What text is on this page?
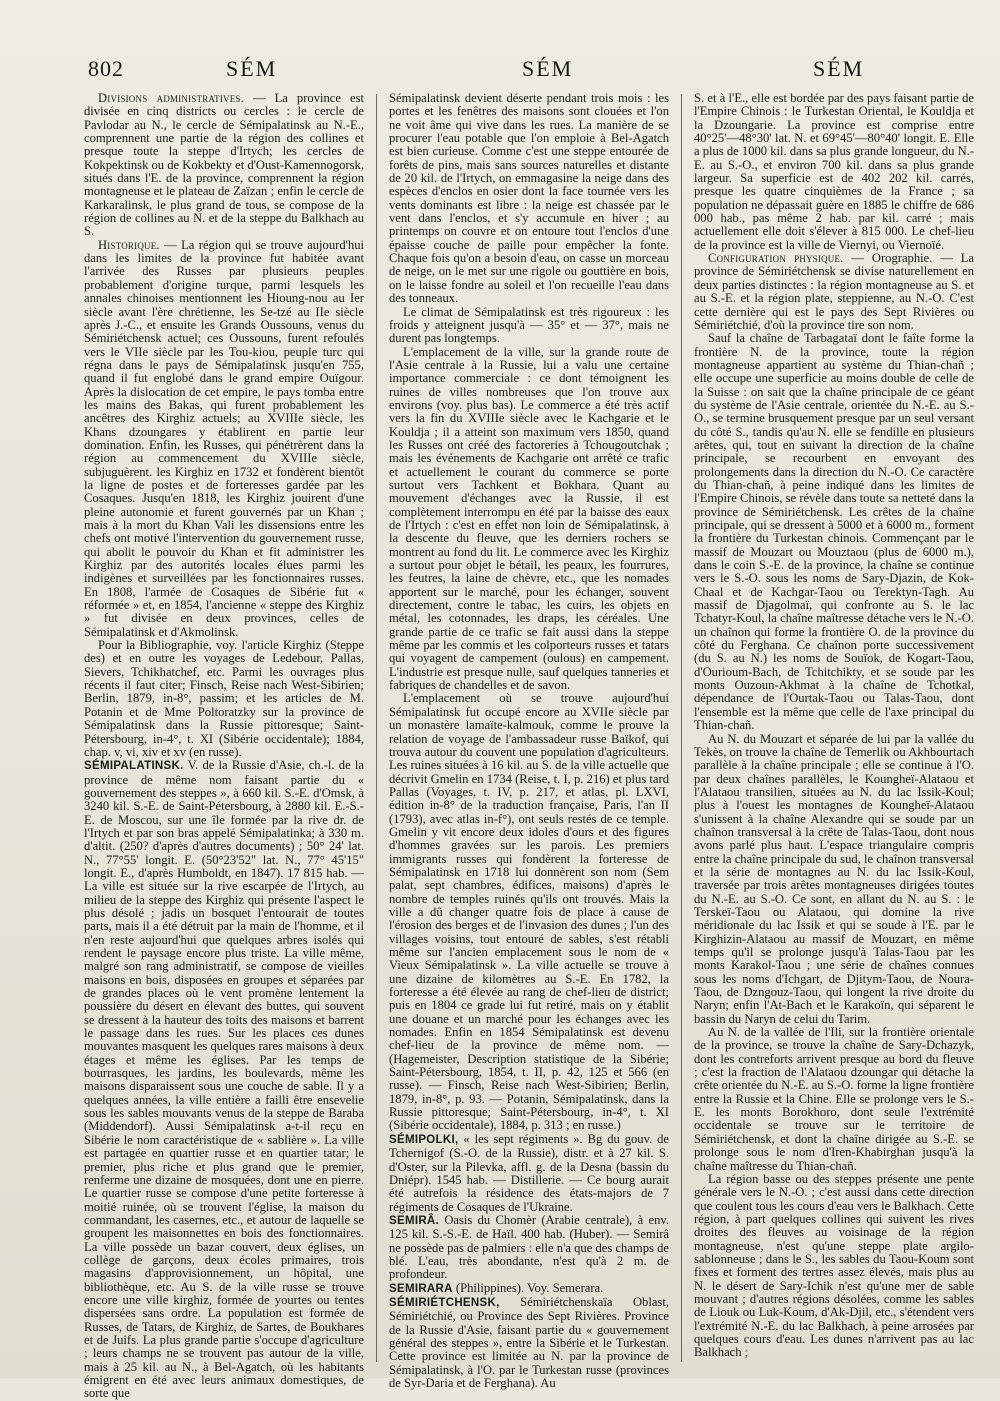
802	SÉM	SÉM	SÉM

Divisions administratives. — La province est divisée en cinq districts ou cercles : le cercle de Pavlodar au N., le cercle de Sémipalatinsk au N.-E., comprennent une partie de la région des collines et presque toute la steppe d'Irtych; les cercles de Kokpektinsk ou de Kokbekty et d'Oust-Kamennogorsk, situés dans l'E. de la province, comprennent la région montagneuse et le plateau de Zaïzan ; enfin le cercle de Karkaralinsk, le plus grand de tous, se compose de la région de collines au N. et de la steppe du Balkhach au S.

Historique. — La région qui se trouve aujourd'hui dans les limites de la province fut habitée avant l'arrivée des Russes par plusieurs peuples probablement d'origine turque, parmi lesquels les annales chinoises mentionnent les Hioung-nou au Ier siècle avant l'ère chrétienne, les Se-tzé au IIe siècle après J.-C., et ensuite les Grands Oussouns, venus du Sémiriétchensk actuel; ces Oussouns, furent refoulés vers le VIIe siècle par les Tou-kiou, peuple turc qui régna dans le pays de Sémipalatinsk jusqu'en 755, quand il fut englobé dans le grand empire Ouïgour. Après la dislocation de cet empire, le pays tomba entre les mains des Bakas, qui furent probablement les ancêtres des Kirghiz actuels; au XVIIIe siècle, les Khans dzoungares y établirent en partie leur domination. Enfin, les Russes, qui pénétrèrent dans la région au commencement du XVIIIe siècle, subjuguèrent. les Kirghiz en 1732 et fondèrent bientôt la ligne de postes et de forteresses gardée par les Cosaques. Jusqu'en 1818, les Kirghiz jouirent d'une pleine autonomie et furent gouvernés par un Khan ; mais à la mort du Khan Vali les dissensions entre les chefs ont motivé l'intervention du gouvernement russe, qui abolit le pouvoir du Khan et fit administrer les Kirghiz par des autorités locales élues parmi les indigènes et surveillées par les fonctionnaires russes. En 1808, l'armée de Cosaques de Sibérie fut « réformée » et, en 1854, l'ancienne « steppe des Kirghiz » fut divisée en deux provinces, celles de Sémipalatinsk et d'Akmolinsk.

Pour la Bibliographie, voy. l'article Kirghiz (Steppe des) et en outre les voyages de Ledebour, Pallas, Sievers, Tchikhatchef, etc. Parmi les ouvrages plus récents il faut citer; Finsch, Reise nach West-Sibirien; Berlin, 1879, in-8°, passim; et les articles de M. Potanin et de Mme Poltoratzky sur la province de Sémipalatinsk dans la Russie pittoresque; Saint-Pétersbourg, in-4°, t. XI (Sibérie occidentale); 1884, chap. v, vi, xiv et xv (en russe).

SÉMIPALATINSK. V. de la Russie d'Asie, ch.-l. de la province de même nom faisant partie du « gouvernement des steppes », à 660 kil. S.-E. d'Omsk, à 3240 kil. S.-E. de Saint-Pétersbourg, à 2880 kil. E.-S.-E. de Moscou, sur une île formée par la rive dr. de l'Irtych et par son bras appelé Sémipalatinka; à 330 m. d'altit. (250? d'après d'autres documents) ; 50° 24' lat. N., 77°55' longit. E. (50°23'52" lat. N., 77° 45'15" longit. E., d'après Humboldt, en 1847). 17 815 hab. — La ville est située sur la rive escarpée de l'Irtych, au milieu de la steppe des Kirghiz qui présente l'aspect le plus désolé ; jadis un bosquet l'entourait de toutes parts, mais il a été détruit par la main de l'homme, et il n'en reste aujourd'hui que quelques arbres isolés qui rendent le paysage encore plus triste. La ville même, malgré son rang administratif, se compose de vieilles maisons en bois, disposées en groupes et séparées par de grandes places où le vent promène lentement la poussière du désert en élevant des buttes, qui souvent se dressent à la hauteur des toits des maisons et barrent le passage dans les rues. Sur les places ces dunes mouvantes masquent les quelques rares maisons à deux étages et même les églises. Par les temps de bourrasques, les jardins, les boulevards, même les maisons disparaissent sous une couche de sable. Il y a quelques années, la ville entière a failli être ensevelie sous les sables mouvants venus de la steppe de Baraba (Middendorf). Aussi Sémipalatinsk a-t-il reçu en Sibérie le nom caractéristique de « sablière ». La ville est partagée en quartier russe et en quartier tatar; le premier, plus riche et plus grand que le premier, renferme une dizaine de mosquées, dont une en pierre. Le quartier russe se compose d'une petite forteresse à moitié ruinée, où se trouvent l'église, la maison du commandant, les casernes, etc., et autour de laquelle se groupent les maisonnettes en bois des fonctionnaires. La ville possède un bazar couvert, deux églises, un collège de garçons, deux écoles primaires, trois magasins d'approvisionnement, un hôpital, une bibliothèque, etc. Au S. de la ville russe se trouve encore une ville kirghiz, formée de yourtes ou tentes dispersées sans ordre. La population est formée de Russes, de Tatars, de Kirghiz, de Sartes, de Boukhares et de Juifs. La plus grande partie s'occupe d'agriculture ; leurs champs ne se trouvent pas autour de la ville, mais à 25 kil. au N., à Bel-Agatch, où les habitants émigrent en été avec leurs animaux domestiques, de sorte que

Sémipalatinsk devient déserte pendant trois mois : les portes et les fenêtres des maisons sont clouées et l'on ne voit âme qui vive dans les rues. La manière de se procurer l'eau potable que l'on emploie à Bel-Agatch est bien curieuse. Comme c'est une steppe entourée de forêts de pins, mais sans sources naturelles et distante de 20 kil. de l'Irtych, on emmagasine la neige dans des espèces d'enclos en osier dont la face tournée vers les vents dominants est libre : la neige est chassée par le vent dans l'enclos, et s'y accumule en hiver ; au printemps on couvre et on entoure tout l'enclos d'une épaisse couche de paille pour empêcher la fonte. Chaque fois qu'on a besoin d'eau, on casse un morceau de neige, on le met sur une rigole ou gouttière en bois, on le laisse fondre au soleil et l'on recueille l'eau dans des tonneaux.

Le climat de Sémipalatinsk est très rigoureux : les froids y atteignent jusqu'à — 35° et — 37°, mais ne durent pas longtemps.

L'emplacement de la ville, sur la grande route de l'Asie centrale à la Russie, lui a valu une certaine importance commerciale : ce dont témoignent les ruines de villes nombreuses que l'on trouve aux environs (voy. plus bas). Le commerce a été très actif vers la fin du XVIIIe siècle avec le Kachgarie et le Kouldja ; il a atteint son maximum vers 1850, quand les Russes ont créé des factoreries à Tchougoutchak ; mais les événements de Kachgarie ont arrêté ce trafic et actuellement le courant du commerce se porte surtout vers Tachkent et Bokhara. Quant au mouvement d'échanges avec la Russie, il est complètement interrompu en été par la baisse des eaux de l'Irtych : c'est en effet non loin de Sémipalatinsk, à la descente du fleuve, que les derniers rochers se montrent au fond du lit. Le commerce avec les Kirghiz a surtout pour objet le bétail, les peaux, les fourrures, les feutres, la laine de chèvre, etc., que les nomades apportent sur le marché, pour les échanger, souvent directement, contre le tabac, les cuirs, les objets en métal, les cotonnades, les draps, les céréales. Une grande partie de ce trafic se fait aussi dans la steppe même par les commis et les colporteurs russes et tatars qui voyagent de campement (oulous) en campement. L'industrie est presque nulle, sauf quelques tanneries et fabriques de chandelles et de savon.

L'emplacement où se trouve aujourd'hui Sémipalatinsk fut occupé encore au XVIIe siècle par un monastère lamaïte-kalmouk, comme le prouve la relation de voyage de l'ambassadeur russe Baïkof, qui trouva autour du couvent une population d'agriculteurs. Les ruines situées à 16 kil. au S. de la ville actuelle que décrivit Gmelin en 1734 (Reise, t. I, p. 216) et plus tard Pallas (Voyages, t. IV, p. 217, et atlas, pl. LXVI, édition in-8° de la traduction française, Paris, l'an II (1793), avec atlas in-f°), ont seuls restés de ce temple. Gmelin y vit encore deux idoles d'ours et des figures d'hommes gravées sur les parois. Les premiers immigrants russes qui fondèrent la forteresse de Sémipalatinsk en 1718 lui donnèrent son nom (Sem palat, sept chambres, édifices, maisons) d'après le nombre de temples ruinés qu'ils ont trouvés. Mais la ville a dû changer quatre fois de place à cause de l'érosion des berges et de l'invasion des dunes ; l'un des villages voisins, tout entouré de sables, s'est rétabli même sur l'ancien emplacement sous le nom de « Vieux Sémipalatinsk ». La ville actuelle se trouve à une dizaine de kilomètres au S.-E. En 1782, la forteresse a été élevée au rang de chef-lieu de district; puis en 1804 ce grade lui fut retiré, mais on y établit une douane et un marché pour les échanges avec les nomades. Enfin en 1854 Sémipalatinsk est devenu chef-lieu de la province de même nom. — (Hagemeister, Description statistique de la Sibérie; Saint-Pétersbourg, 1854, t. II, p. 42, 125 et 566 (en russe). — Finsch, Reise nach West-Sibirien; Berlin, 1879, in-8°, p. 93. — Potanin, Sémipalatinsk, dans la Russie pittoresque; Saint-Pétersbourg, in-4°, t. XI (Sibérie occidentale), 1884, p. 313 ; en russe.)

SÉMIPOLKI, « les sept régiments ». Bg du gouv. de Tchernigof (S.-O. de la Russie), distr. et à 27 kil. S. d'Oster, sur la Pilevka, affl. g. de la Desna (bassin du Dniépr). 1545 hab. — Distillerie. — Ce bourg aurait été autrefois la résidence des états-majors de 7 régiments de Cosaques de l'Ukraine.

SEMIRÂ. Oasis du Chomèr (Arabie centrale), à env. 125 kil. S.-S.-E. de Haïl. 400 hab. (Huber). — Semirâ ne possède pas de palmiers : elle n'a que des champs de blé. L'eau, très abondante, n'est qu'à 2 m. de profondeur.

SEMIRARA (Philippines). Voy. Semerara.

SÉMIRIÉTCHENSK, Sémiriétchenskaïa Oblast, Sémiriétchié, ou Province des Sept Rivières. Province de la Russie d'Asie, faisant partie du « gouvernement général des steppes », entre la Sibérie et le Turkestan. Cette province est limitée au N. par la province de Sémipalatinsk, à l'O. par le Turkestan russe (provinces de Syr-Daria et de Ferghana). Au

S. et à l'E., elle est bordée par des pays faisant partie de l'Empire Chinois : le Turkestan Oriental, le Kouldja et la Dzoungarie. La province est comprise entre 40°25'—48°30' lat. N. et 69°45'—80°40' longit. E. Elle a plus de 1000 kil. dans sa plus grande longueur, du N.-E. au S.-O., et environ 700 kil. dans sa plus grande largeur. Sa superficie est de 402 202 kil. carrés, presque les quatre cinquièmes de la France ; sa population ne dépassait guère en 1885 le chiffre de 686 000 hab., pas même 2 hab. par kil. carré ; mais actuellement elle doit s'élever à 815 000. Le chef-lieu de la province est la ville de Viernyi, ou Viernoïé.

Configuration physique. — Orographie. — La province de Sémiriétchensk se divise naturellement en deux parties distinctes : la région montagneuse au S. et au S.-E. et la région plate, steppienne, au N.-O. C'est cette dernière qui est le pays des Sept Rivières ou Sémiriétchié, d'où la province tire son nom.

Sauf la chaîne de Tarbagataï dont le faîte forme la frontière N. de la province, toute la région montagneuse appartient au système du Thian-chañ ; elle occupe une superficie au moins double de celle de la Suisse : on sait que la chaîne principale de ce géant du système de l'Asie centrale, orientée du N.-E. au S.-O., se termine brusquement presque par un seul versant du côté S., tandis qu'au N. elle se fendille en plusieurs arêtes, qui, tout en suivant la direction de la chaîne principale, se recourbent en envoyant des prolongements dans la direction du N.-O. Ce caractère du Thian-chañ, à peine indiqué dans les limites de l'Empire Chinois, se révèle dans toute sa netteté dans la province de Sémiriétchensk. Les crêtes de la chaîne principale, qui se dressent à 5000 et à 6000 m., forment la frontière du Turkestan chinois. Commençant par le massif de Mouzart ou Mouztaou (plus de 6000 m.), dans le coin S.-E. de la province, la chaîne se continue vers le S.-O. sous les noms de Sary-Djazin, de Kok-Chaal et de Kachgar-Taou ou Terektyn-Tagh. Au massif de Djagolmaï, qui confronte au S. le lac Tchatyr-Koul, la chaîne maîtresse détache vers le N.-O. un chaînon qui forme la frontière O. de la province du côté du Ferghana. Ce chaînon porte successivement (du S. au N.) les noms de Souïok, de Kogart-Taou, d'Ourioum-Bach, de Tchitchikty, et se soude par les monts Ouzoun-Akhmat à la chaîne de Tchotkal, dépendance de l'Ourtak-Taou ou Talas-Taou, dont l'ensemble est la même que celle de l'axe principal du Thian-chañ.

Au N. du Mouzart et séparée de lui par la vallée du Tekès, on trouve la chaîne de Temerlik ou Akhbourtach parallèle à la chaîne principale ; elle se continue à l'O. par deux chaînes parallèles, le Koungheï-Alataou et l'Alataou transilien, situées au N. du lac Issik-Koul; plus à l'ouest les montagnes de Koungheï-Alataou s'unissent à la chaîne Alexandre qui se soude par un chaînon transversal à la crête de Talas-Taou, dont nous avons parlé plus haut. L'espace triangulaire compris entre la chaîne principale du sud, le chaînon transversal et la série de montagnes au N. du lac Issik-Koul, traversée par trois arêtes montagneuses dirigées toutes du N.-E. au S.-O. Ce sont, en allant du N. au S. : le Terskeï-Taou ou Alataou, qui domine la rive méridionale du lac Issik et qui se soude à l'E. par le Kirghizin-Alataou au massif de Mouzart, en même temps qu'il se prolonge jusqu'à Talas-Taou par les monts Karakol-Taou ; une série de chaînes connues sous les noms d'Ichgart, de Djitym-Taou, de Noura-Taou, de Dzngouz-Taou, qui longent la rive droite du Naryn; enfin l'At-Bach et le Karakoïn, qui séparent le bassin du Naryn de celui du Tarim.

Au N. de la vallée de l'Ili, sur la frontière orientale de la province, se trouve la chaîne de Sary-Dchazyk, dont les contreforts arrivent presque au bord du fleuve ; c'est la fraction de l'Alataou dzoungar qui détache la crête orientée du N.-E. au S.-O. forme la ligne frontière entre la Russie et la Chine. Elle se prolonge vers le S.-E. les monts Borokhoro, dont seule l'extrémité occidentale se trouve sur le territoire de Sémiriétchensk, et dont la chaîne dirigée au S.-E. se prolonge sous le nom d'Iren-Khabirghan jusqu'à la chaîne maîtresse du Thian-chañ.

La région basse ou des steppes présente une pente générale vers le N.-O. ; c'est aussi dans cette direction que coulent tous les cours d'eau vers le Balkhach. Cette région, à part quelques collines qui suivent les rives droites des fleuves au voisinage de la région montagneuse, n'est qu'une steppe plate argilo-sablonneuse ; dans le S., les sables du Taou-Koum sont fixes et forment des tertres assez élevés, mais plus au N. le désert de Sary-Ichik n'est qu'une mer de sable mouvant ; d'autres régions désolées, comme les sables de Liouk ou Luk-Koum, d'Ak-Djil, etc., s'étendent vers l'extrémité N.-E. du lac Balkhach, à peine arrosées par quelques cours d'eau. Les dunes n'arrivent pas au lac Balkhach ;
